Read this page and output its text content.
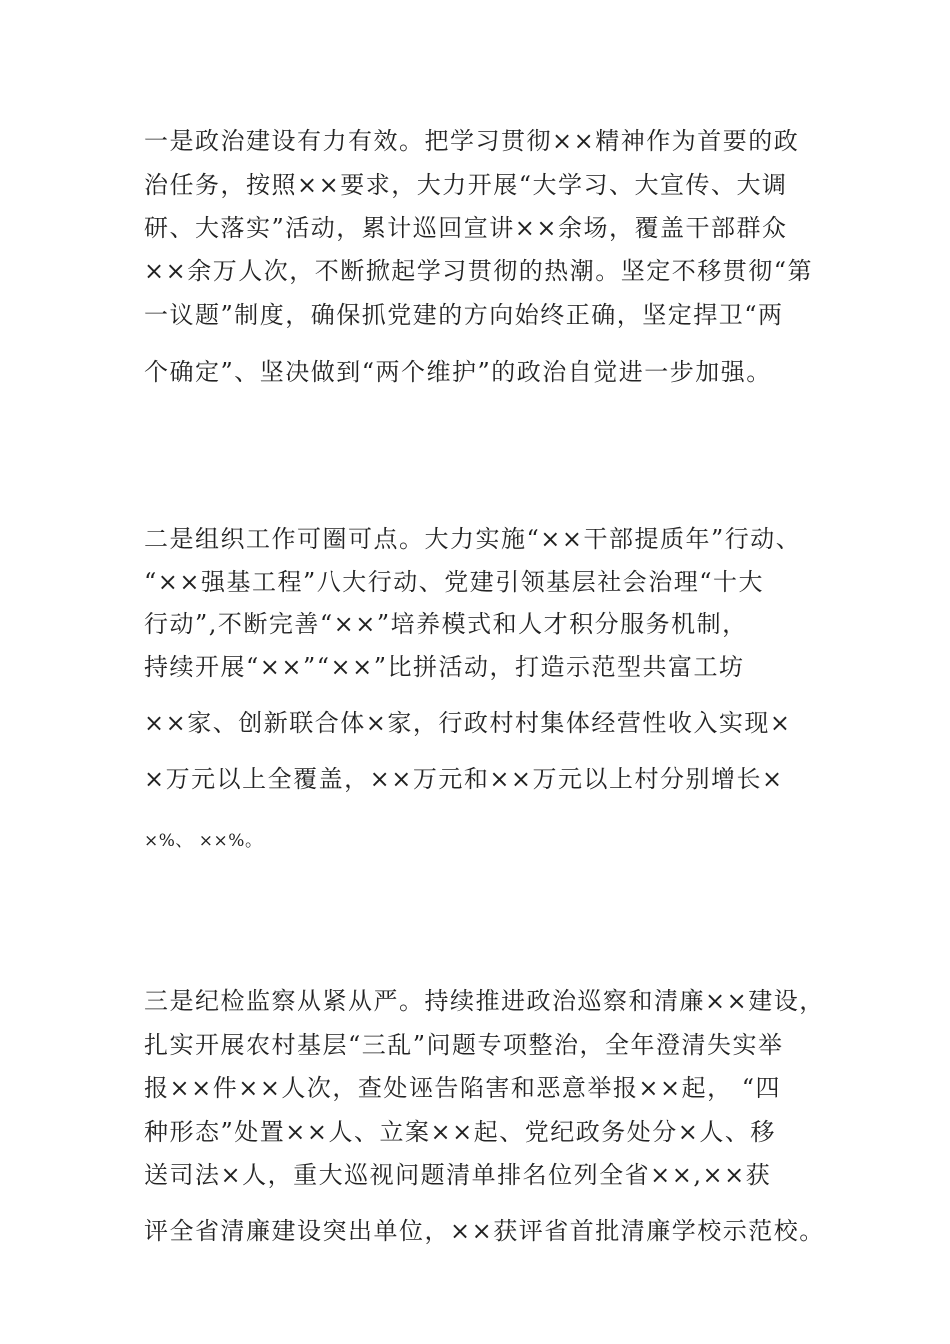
一是政治建设有力有效。把学习贯彻××精神作为首要的政
治任务，按照××要求，大力开展“大学习、大宣传、大调
研、大落实”活动，累计巡回宣讲××余场，覆盖干部群众
××余万人次，不断掀起学习贯彻的热潮。坚定不移贯彻“第
一议题”制度，确保抓党建的方向始终正确，坚定捍卫“两
个确定”、坚决做到“两个维护”的政治自觉进一步加强。
二是组织工作可圈可点。大力实施“××干部提质年”行动、
“××强基工程”八大行动、党建引领基层社会治理“十大
行动”,不断完善“××”培养模式和人才积分服务机制，
持续开展“××”“××”比拼活动，打造示范型共富工坊
××家、创新联合体×家，行政村村集体经营性收入实现×
×万元以上全覆盖，××万元和××万元以上村分别增长×
×%、 ××%。
三是纪检监察从紧从严。持续推进政治巡察和清廉××建设，
扎实开展农村基层“三乱”问题专项整治，全年澄清失实举
报××件××人次，查处诬告陷害和恶意举报××起， “四
种形态”处置××人、立案××起、党纪政务处分×人、移
送司法×人，重大巡视问题清单排名位列全省××,××获
评全省清廉建设突出单位，××获评省首批清廉学校示范校。
